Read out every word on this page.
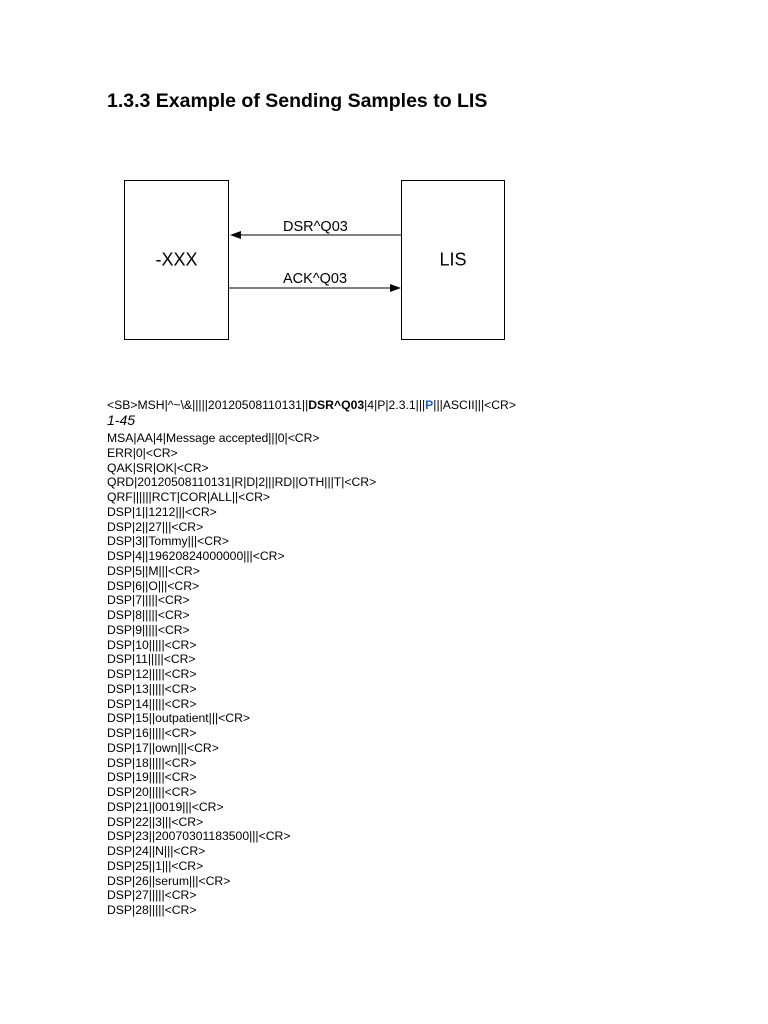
1.3.3 Example of Sending Samples to LIS
-XXX	LIS
DSR^Q03
ACK^Q03
<SB>MSH|^~\&|||||20120508110131||DSR^Q03|4|P|2.3.1|||P|||ASCII|||<CR>
1-45
MSA|AA|4|Message accepted|||0|<CR>
ERR|0|<CR>
QAK|SR|OK|<CR>
QRD|20120508110131|R|D|2|||RD||OTH|||T|<CR>
QRF||||||RCT|COR|ALL||<CR>
DSP|1||1212|||<CR>
DSP|2||27|||<CR>
DSP|3||Tommy|||<CR>
DSP|4||19620824000000|||<CR>
DSP|5||M|||<CR>
DSP|6||O|||<CR>
DSP|7|||||<CR>
DSP|8|||||<CR>
DSP|9|||||<CR>
DSP|10|||||<CR>
DSP|11|||||<CR>
DSP|12|||||<CR>
DSP|13|||||<CR>
DSP|14|||||<CR>
DSP|15||outpatient|||<CR>
DSP|16|||||<CR>
DSP|17||own|||<CR>
DSP|18|||||<CR>
DSP|19|||||<CR>
DSP|20|||||<CR>
DSP|21||0019|||<CR>
DSP|22||3|||<CR>
DSP|23||20070301183500|||<CR>
DSP|24||N|||<CR>
DSP|25||1|||<CR>
DSP|26||serum|||<CR>
DSP|27|||||<CR>
DSP|28|||||<CR>
